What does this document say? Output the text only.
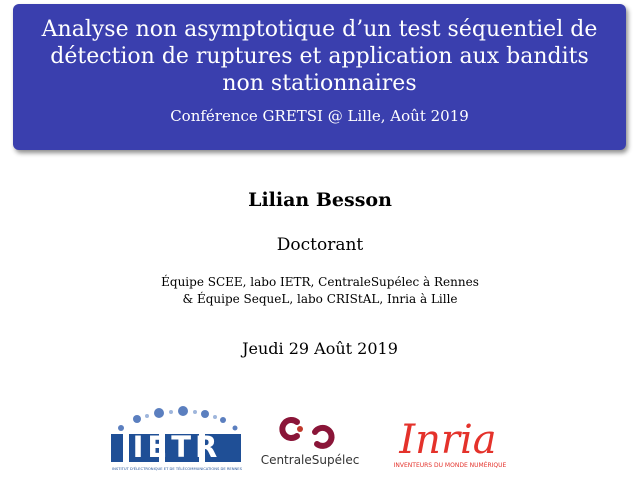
Analyse non asymptotique d’un test séquentiel de détection de ruptures et application aux bandits non stationnaires
Conférence GRETSI @ Lille, Août 2019
Lilian Besson
Doctorant
Équipe SCEE, labo IETR, CentraleSupélec à Rennes
& Équipe SequeL, labo CRIStAL, Inria à Lille
Jeudi 29 Août 2019
IETR
INSTITUT D'ÉLECTRONIQUE ET DE TÉLÉCOMMUNICATIONS DE RENNES
CentraleSupélec Inria
INVENTEURS DU MONDE NUMÉRIQUE
